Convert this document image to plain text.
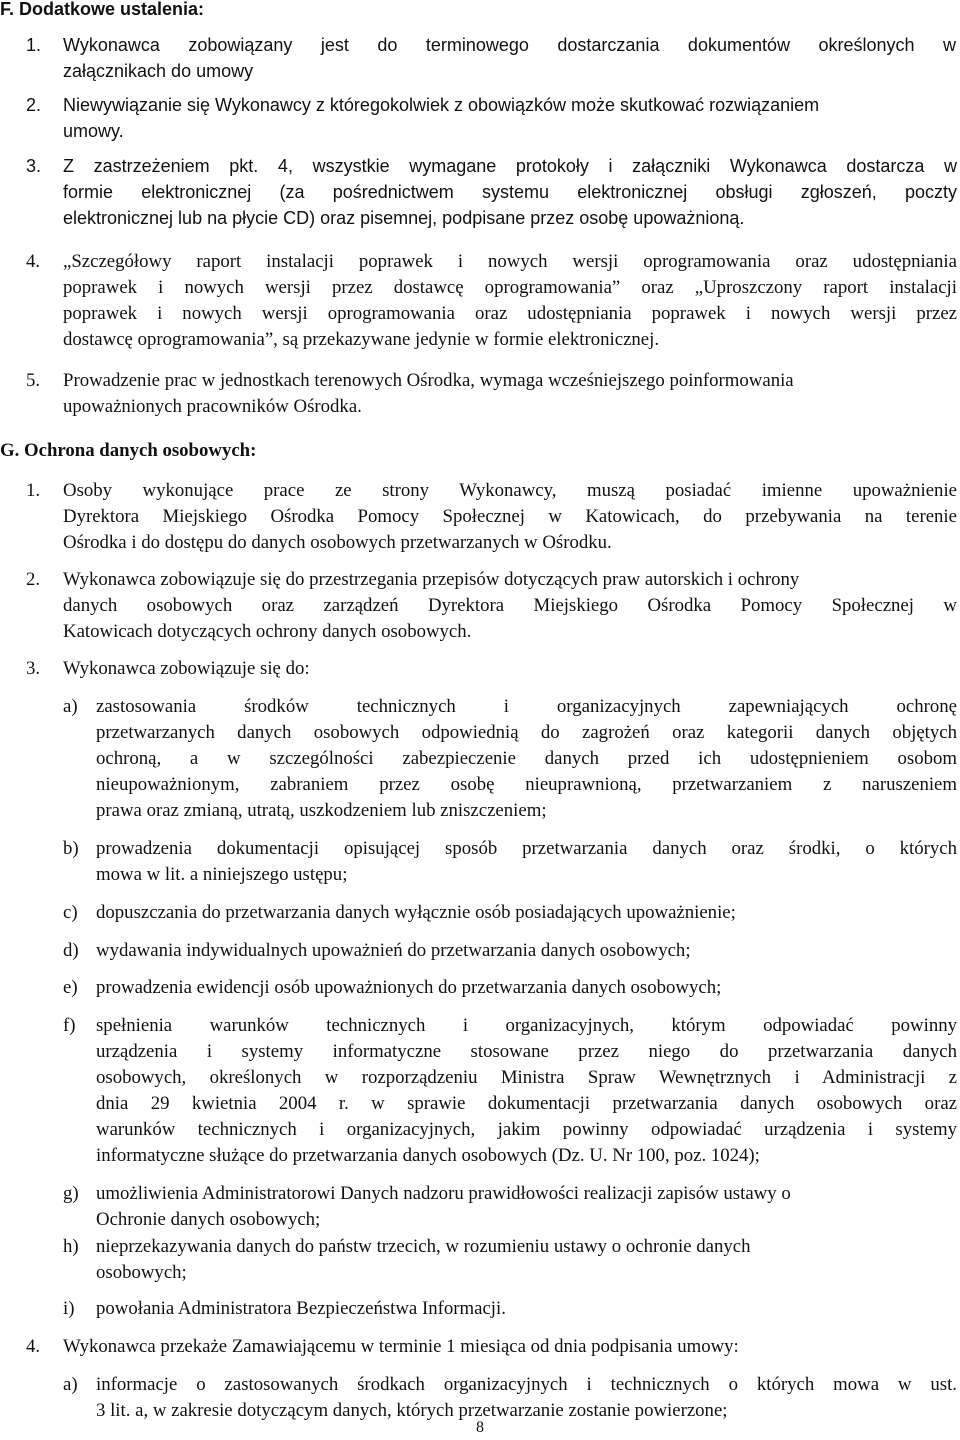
F. Dodatkowe ustalenia:
1. Wykonawca zobowiązany jest do terminowego dostarczania dokumentów określonych w
załącznikach do umowy
2. Niewywiązanie się Wykonawcy z któregokolwiek z obowiązków może skutkować rozwiązaniem
umowy.
3. Z zastrzeżeniem pkt. 4, wszystkie wymagane protokoły i załączniki Wykonawca dostarcza w
formie elektronicznej (za pośrednictwem systemu elektronicznej obsługi zgłoszeń, poczty
elektronicznej lub na płycie CD) oraz pisemnej, podpisane przez osobę upoważnioną.
4. „Szczegółowy raport instalacji poprawek i nowych wersji oprogramowania oraz udostępniania
poprawek i nowych wersji przez dostawcę oprogramowania” oraz „Uproszczony raport instalacji
poprawek i nowych wersji oprogramowania oraz udostępniania poprawek i nowych wersji przez
dostawcę oprogramowania”, są przekazywane jedynie w formie elektronicznej.
5. Prowadzenie prac w jednostkach terenowych Ośrodka, wymaga wcześniejszego poinformowania
upoważnionych pracowników Ośrodka.
G. Ochrona danych osobowych:
1. Osoby wykonujące prace ze strony Wykonawcy, muszą posiadać imienne upoważnienie
Dyrektora Miejskiego Ośrodka Pomocy Społecznej w Katowicach, do przebywania na terenie
Ośrodka i do dostępu do danych osobowych przetwarzanych w Ośrodku.
2. Wykonawca zobowiązuje się do przestrzegania przepisów dotyczących praw autorskich i ochrony
danych osobowych oraz zarządzeń Dyrektora Miejskiego Ośrodka Pomocy Społecznej w
Katowicach dotyczących ochrony danych osobowych.
3. Wykonawca zobowiązuje się do:
a) zastosowania środków technicznych i organizacyjnych zapewniających ochronę
przetwarzanych danych osobowych odpowiednią do zagrożeń oraz kategorii danych objętych
ochroną, a w szczególności zabezpieczenie danych przed ich udostępnieniem osobom
nieupoważnionym, zabraniem przez osobę nieuprawnioną, przetwarzaniem z naruszeniem
prawa oraz zmianą, utratą, uszkodzeniem lub zniszczeniem;
b) prowadzenia dokumentacji opisującej sposób przetwarzania danych oraz środki, o których
mowa w lit. a niniejszego ustępu;
c) dopuszczania do przetwarzania danych wyłącznie osób posiadających upoważnienie;
d) wydawania indywidualnych upoważnień do przetwarzania danych osobowych;
e) prowadzenia ewidencji osób upoważnionych do przetwarzania danych osobowych;
f) spełnienia warunków technicznych i organizacyjnych, którym odpowiadać powinny
urządzenia i systemy informatyczne stosowane przez niego do przetwarzania danych
osobowych, określonych w rozporządzeniu Ministra Spraw Wewnętrznych i Administracji z
dnia 29 kwietnia 2004 r. w sprawie dokumentacji przetwarzania danych osobowych oraz
warunków technicznych i organizacyjnych, jakim powinny odpowiadać urządzenia i systemy
informatyczne służące do przetwarzania danych osobowych (Dz. U. Nr 100, poz. 1024);
g) umożliwienia Administratorowi Danych nadzoru prawidłowości realizacji zapisów ustawy o
Ochronie danych osobowych;
h) nieprzekazywania danych do państw trzecich, w rozumieniu ustawy o ochronie danych
osobowych;
i) powołania Administratora Bezpieczeństwa Informacji.
4. Wykonawca przekaże Zamawiającemu w terminie 1 miesiąca od dnia podpisania umowy:
a) informacje o zastosowanych środkach organizacyjnych i technicznych o których mowa w ust.
3 lit. a, w zakresie dotyczącym danych, których przetwarzanie zostanie powierzone;
8
